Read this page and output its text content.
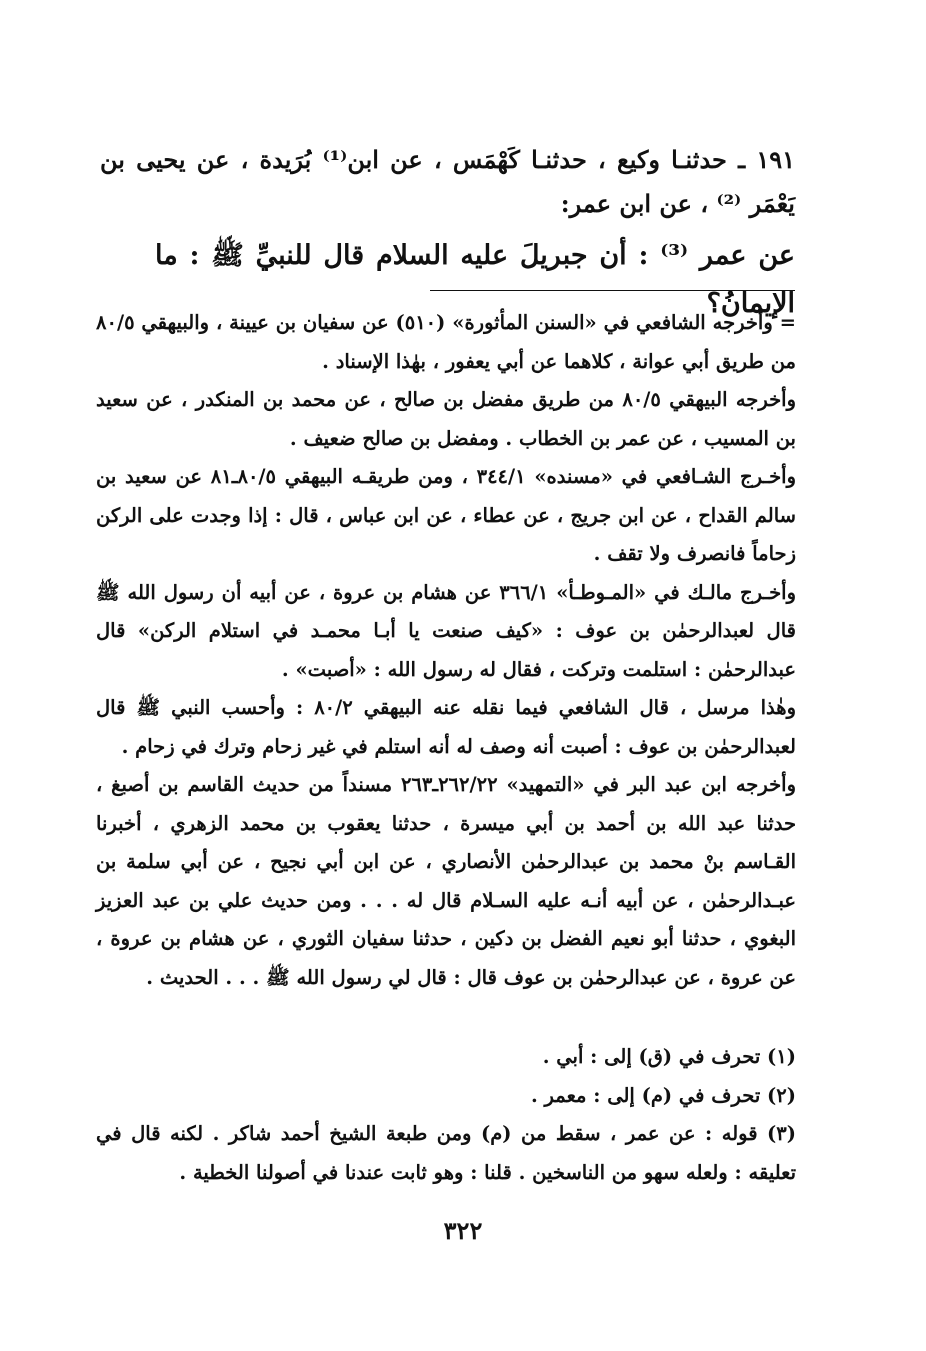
١٩١ ـ حدثنـا وكيع ، حدثنـا كَهْمَس ، عن ابن⁽¹⁾ بُرَيدة ، عن يحيى بن يَعْمَر ⁽²⁾ ، عن ابن عمر:
عن عمر ⁽³⁾ : أن جبريلَ عليه السلام قال للنبيِّ ﷺ : ما الإيمانُ؟

= وأخرجه الشافعي في «السنن المأثورة» (٥١٠) عن سفيان بن عيينة ، والبيهقي ٨٠/٥ من طريق أبي عوانة ، كلاهما عن أبي يعفور ، بهٰذا الإسناد .

وأخرجه البيهقي ٨٠/٥ من طريق مفضل بن صالح ، عن محمد بن المنكدر ، عن سعيد بن المسيب ، عن عمر بن الخطاب . ومفضل بن صالح ضعيف .

وأخـرج الشـافعي في «مسنده» ٣٤٤/١ ، ومن طريقـه البيهقي ٨٠/٥ـ٨١ عن سعيد بن سالم القداح ، عن ابن جريج ، عن عطاء ، عن ابن عباس ، قال : إذا وجدت على الركن زحاماً فانصرف ولا تقف .

وأخـرج مالـك في «المـوطـأ» ٣٦٦/١ عن هشام بن عروة ، عن أبيه أن رسول الله ﷺ قال لعبدالرحمٰن بن عوف : «كيف صنعت يا أبـا محمـد في استلام الركن» قال عبدالرحمٰن : استلمت وتركت ، فقال له رسول الله : «أصبت» .

وهٰذا مرسل ، قال الشافعي فيما نقله عنه البيهقي ٨٠/٢ : وأحسب النبي ﷺ قال لعبدالرحمٰن بن عوف : أصبت أنه وصف له أنه استلم في غير زحام وترك في زحام .

وأخرجه ابن عبد البر في «التمهيد» ٢٦٢/٢٢ـ٢٦٣ مسنداً من حديث القاسم بن أصبغ ، حدثنا عبد الله بن أحمد بن أبي ميسرة ، حدثنا يعقوب بن محمد الزهري ، أخبرنا القـاسم بنْ محمد بن عبدالرحمٰن الأنصاري ، عن ابن أبي نجيح ، عن أبي سلمة بن عبـدالرحمٰن ، عن أبيه أنـه عليه السـلام قال له . . . ومن حديث علي بن عبد العزيز البغوي ، حدثنا أبو نعيم الفضل بن دكين ، حدثنا سفيان الثوري ، عن هشام بن عروة ، عن عروة ، عن عبدالرحمٰن بن عوف قال : قال لي رسول الله ﷺ . . . الحديث .

(١) تحرف في (ق) إلى : أبي .

(٢) تحرف في (م) إلى : معمر .

(٣) قوله : عن عمر ، سقط من (م) ومن طبعة الشيخ أحمد شاكر . لكنه قال في تعليقه : ولعله سهو من الناسخين . قلنا : وهو ثابت عندنا في أصولنا الخطية .

٣٢٢
